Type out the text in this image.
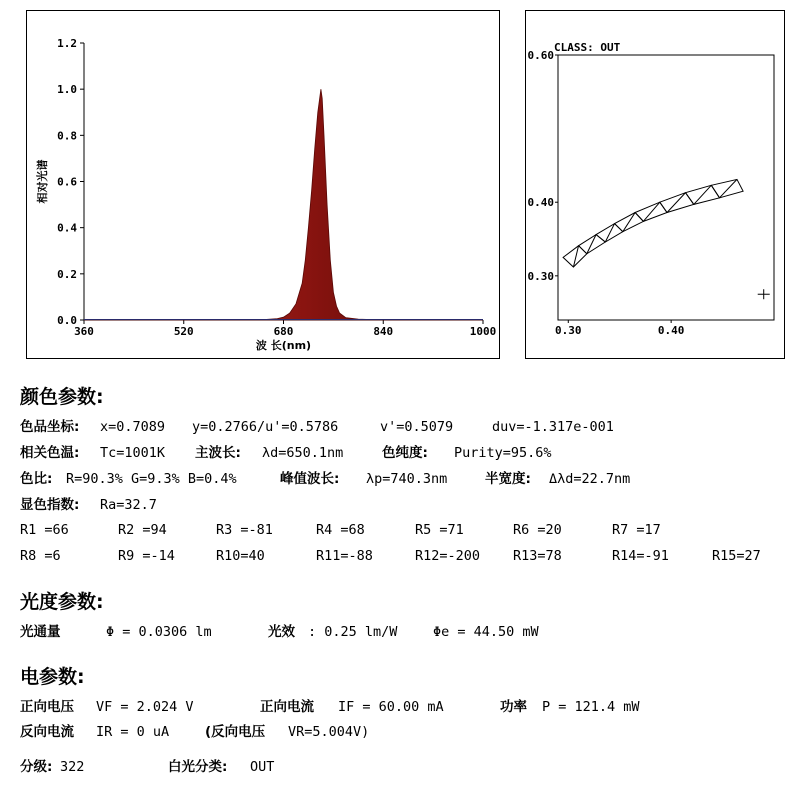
0.0
0.2
0.4
0.6
0.8
1.0
1.2
360	520	680	840	1000
波 长(nm)
相对光谱
CLASS: OUT
0.30
0.40
0.60
0.30	0.40
颜色参数:
色品坐标: x=0.7089 y=0.2766/u'=0.5786	v'=0.5079	duv=-1.317e-001
相关色温: Tc=1001K 主波长: λd=650.1nm	色纯度: Purity=95.6%
色比: R=90.3% G=9.3% B=0.4%	峰值波长: λp=740.3nm	半宽度: Δλd=22.7nm
显色指数: Ra=32.7
R1 =66	R2 =94	R3 =-81	R4 =68	R5 =71	R6 =20	R7 =17
R8 =6	R9 =-14	R10=40	R11=-88	R12=-200 R13=78	R14=-91	R15=27
光度参数:
光通量	Φ = 0.0306 lm	光效 : 0.25 lm/W	Φe = 44.50 mW
电参数:
正向电压 VF = 2.024 V	正向电流 IF = 60.00 mA	功率 P = 121.4 mW
反向电流 IR = 0 uA	(反向电压 VR=5.004V)
分级: 322	白光分类: OUT
